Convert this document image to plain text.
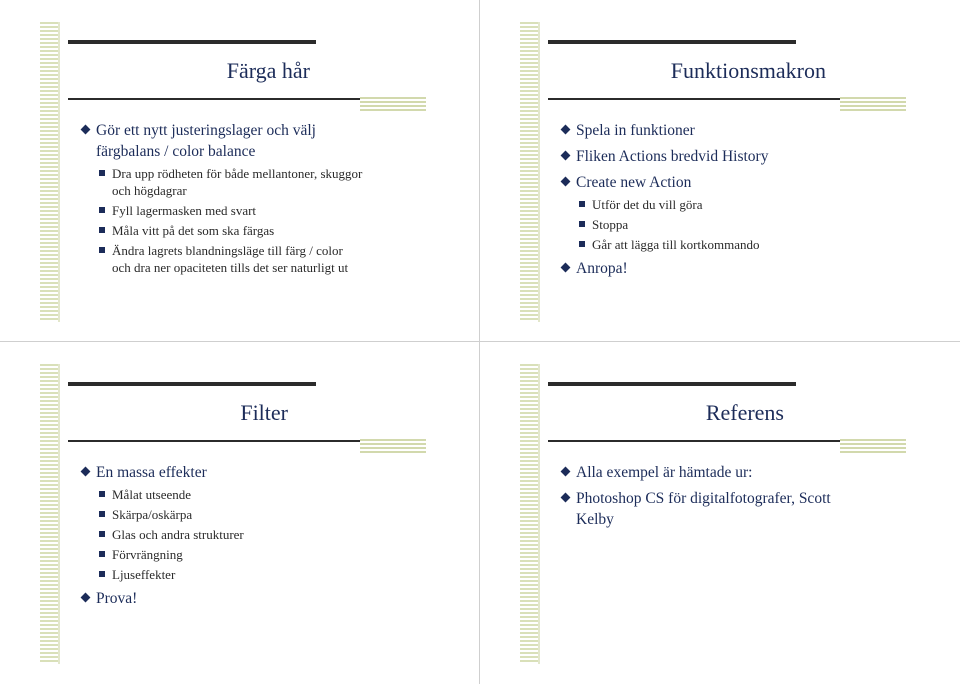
Färga hår
Gör ett nytt justeringslager och välj
färgbalans / color balance
Dra upp rödheten för både mellantoner, skuggor
och högdagrar
Fyll lagermasken med svart
Måla vitt på det som ska färgas
Ändra lagrets blandningsläge till färg / color
och dra ner opaciteten tills det ser naturligt ut
Funktionsmakron
Spela in funktioner
Fliken Actions bredvid History
Create new Action
Utför det du vill göra
Stoppa
Går att lägga till kortkommando
Anropa!
Filter
En massa effekter
Målat utseende
Skärpa/oskärpa
Glas och andra strukturer
Förvrängning
Ljuseffekter
Prova!
Referens
Alla exempel är hämtade ur:
Photoshop CS för digitalfotografer, Scott
Kelby
